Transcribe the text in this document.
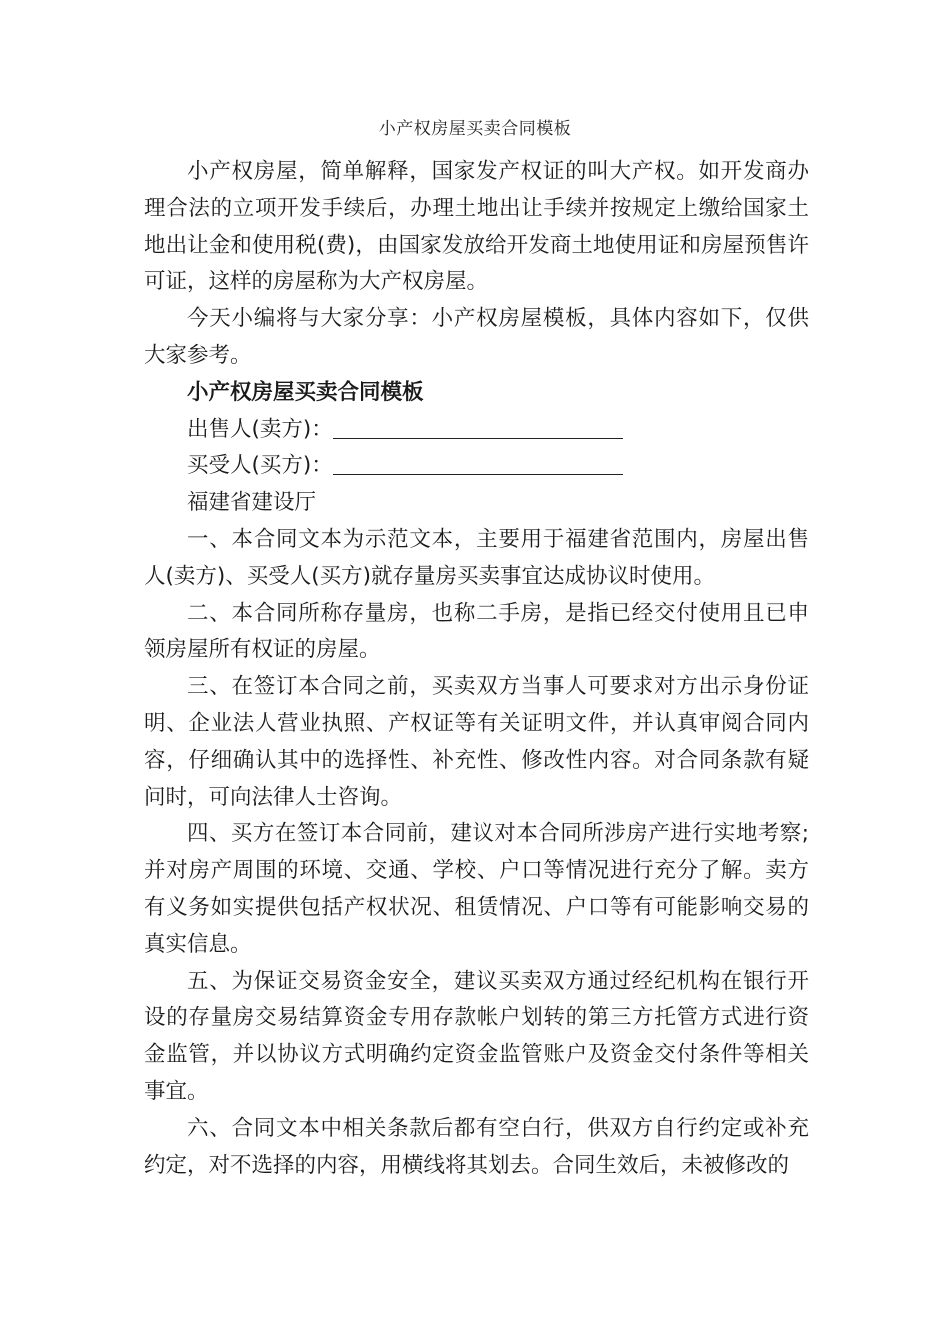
小产权房屋买卖合同模板

小产权房屋，简单解释，国家发产权证的叫大产权。如开发商办理合法的立项开发手续后，办理土地出让手续并按规定上缴给国家土地出让金和使用税(费)，由国家发放给开发商土地使用证和房屋预售许可证，这样的房屋称为大产权房屋。

今天小编将与大家分享：小产权房屋模板，具体内容如下，仅供大家参考。

小产权房屋买卖合同模板

出售人(卖方)：

买受人(买方)：

福建省建设厅

一、本合同文本为示范文本，主要用于福建省范围内，房屋出售人(卖方)、买受人(买方)就存量房买卖事宜达成协议时使用。

二、本合同所称存量房，也称二手房，是指已经交付使用且已申领房屋所有权证的房屋。

三、在签订本合同之前，买卖双方当事人可要求对方出示身份证明、企业法人营业执照、产权证等有关证明文件，并认真审阅合同内容，仔细确认其中的选择性、补充性、修改性内容。对合同条款有疑问时，可向法律人士咨询。

四、买方在签订本合同前，建议对本合同所涉房产进行实地考察;并对房产周围的环境、交通、学校、户口等情况进行充分了解。卖方有义务如实提供包括产权状况、租赁情况、户口等有可能影响交易的真实信息。

五、为保证交易资金安全，建议买卖双方通过经纪机构在银行开设的存量房交易结算资金专用存款帐户划转的第三方托管方式进行资金监管，并以协议方式明确约定资金监管账户及资金交付条件等相关事宜。

六、合同文本中相关条款后都有空白行，供双方自行约定或补充约定，对不选择的内容，用横线将其划去。合同生效后，未被修改的
